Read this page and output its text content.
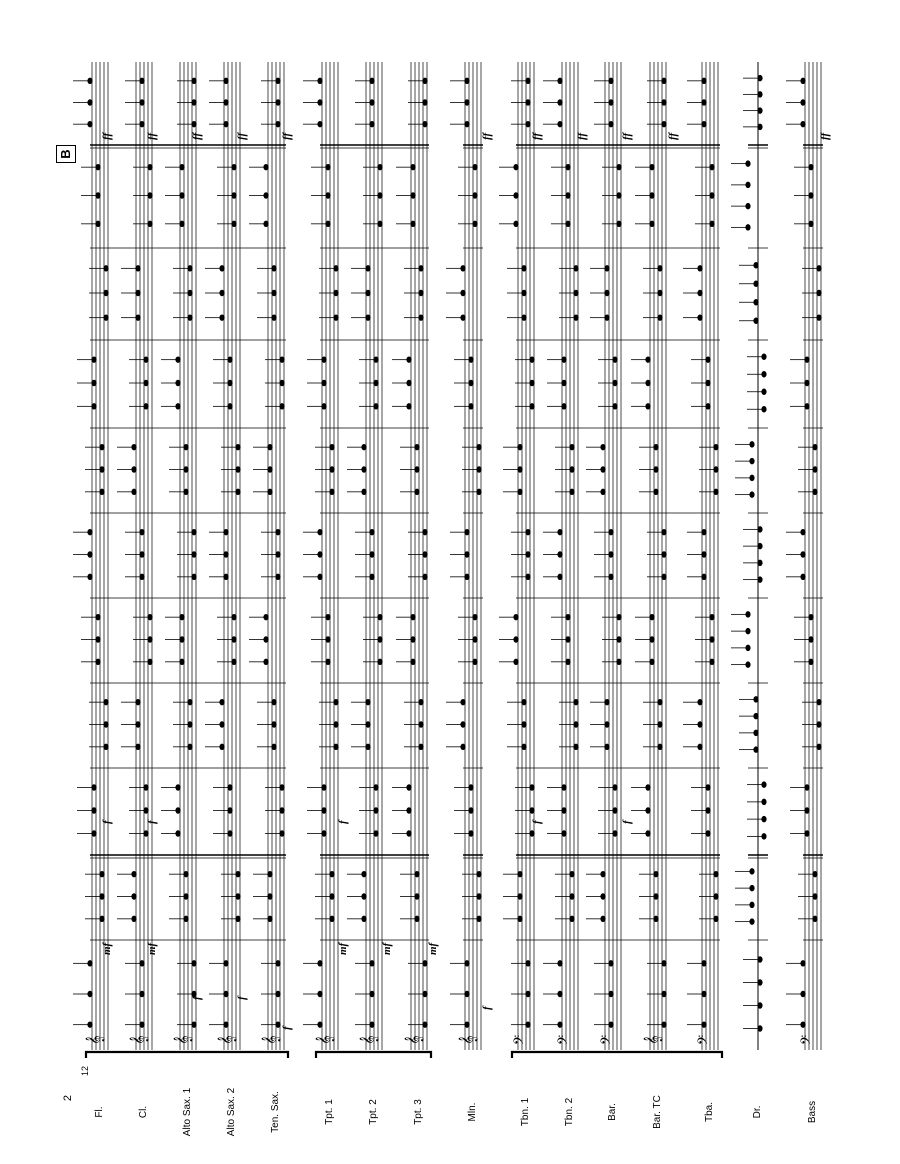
2
12
B
Fl.	Cl.	Alto Sax. 1	Alto Sax. 2	Ten. Sax.	Tpt. 1	Tpt. 2	Tpt. 3	Mln.	Tbn. 1	Tbn. 2	Bar.	Bar. TC	Tba.	Dr.	Bass
𝄞 𝄞 𝄞 𝄞 𝄞 𝄞 𝄞 𝄞 𝄞 𝄢 𝄢 𝄢 𝄞 𝄢	𝄢
mf	mf
f	f
f
mf	mf	mf
f
f	f	f	f	f
ff	ff	ff	ff	ff	ff	ff	ff	ff	ff	ff
